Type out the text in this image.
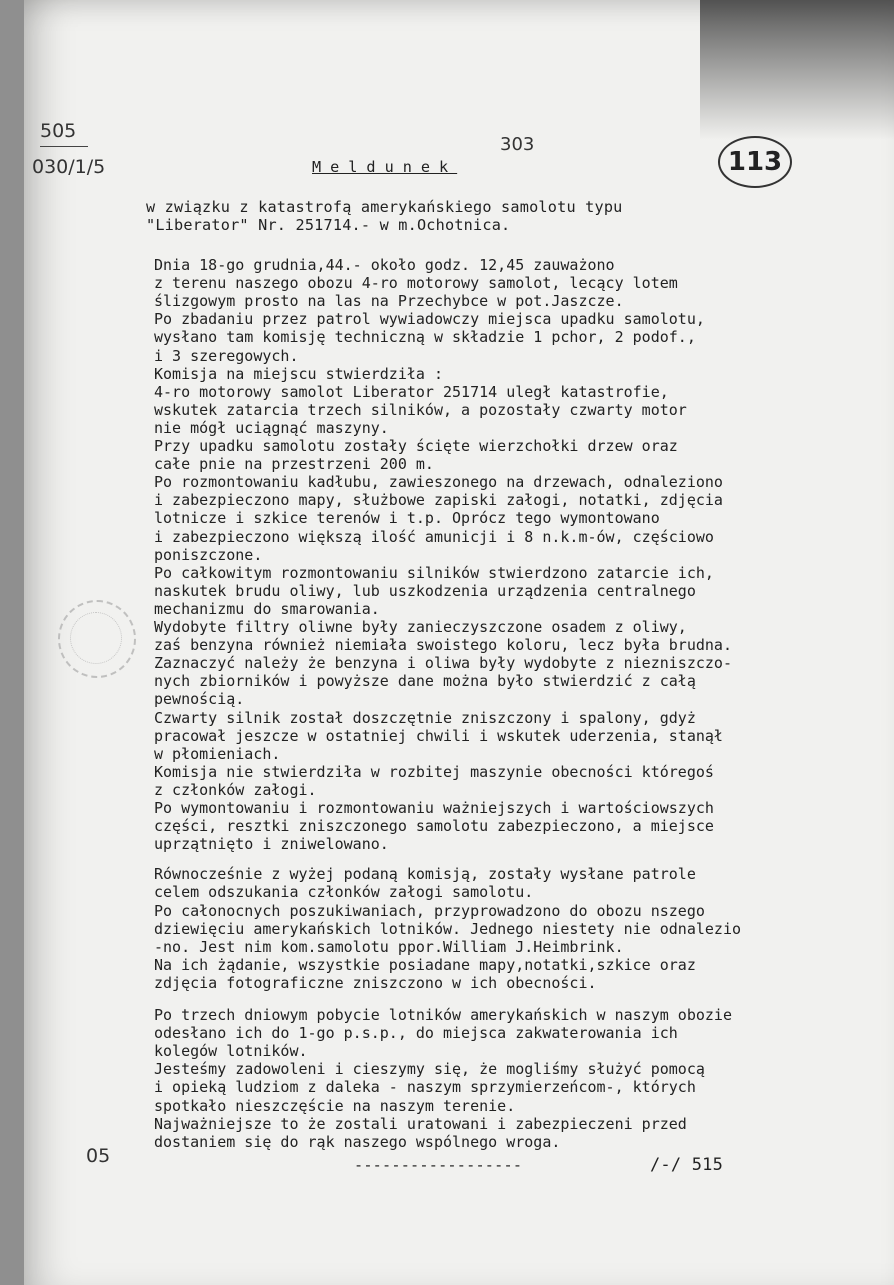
505
030/1/5
05
303
113
Meldunek
w związku z katastrofą amerykańskiego samolotu typu
"Liberator" Nr. 251714.- w m.Ochotnica.
Dnia 18-go grudnia,44.- około godz. 12,45 zauważono
z terenu naszego obozu 4-ro motorowy samolot, lecący lotem
ślizgowym prosto na las na Przechybce w pot.Jaszcze.
Po zbadaniu przez patrol wywiadowczy miejsca upadku samolotu,
wysłano tam komisję techniczną w składzie 1 pchor, 2 podof.,
i 3 szeregowych.
Komisja na miejscu stwierdziła :
4-ro motorowy samolot Liberator 251714 uległ katastrofie,
wskutek zatarcia trzech silników, a pozostały czwarty motor
nie mógł uciągnąć maszyny.
Przy upadku samolotu zostały ścięte wierzchołki drzew oraz
całe pnie na przestrzeni 200 m.
Po rozmontowaniu kadłubu, zawieszonego na drzewach, odnaleziono
i zabezpieczono mapy, służbowe zapiski załogi, notatki, zdjęcia
lotnicze i szkice terenów i t.p. Oprócz tego wymontowano
i zabezpieczono większą ilość amunicji i 8 n.k.m-ów, częściowo
poniszczone.
Po całkowitym rozmontowaniu silników stwierdzono zatarcie ich,
naskutek brudu oliwy, lub uszkodzenia urządzenia centralnego
mechanizmu do smarowania.
Wydobyte filtry oliwne były zanieczyszczone osadem z oliwy,
zaś benzyna również niemiała swoistego koloru, lecz była brudna.
Zaznaczyć należy że benzyna i oliwa były wydobyte z niezniszczo-
nych zbiorników i powyższe dane można było stwierdzić z całą
pewnością.
Czwarty silnik został doszczętnie zniszczony i spalony, gdyż
pracował jeszcze w ostatniej chwili i wskutek uderzenia, stanął
w płomieniach.
Komisja nie stwierdziła w rozbitej maszynie obecności któregoś
z członków załogi.
Po wymontowaniu i rozmontowaniu ważniejszych i wartościowszych
części, resztki zniszczonego samolotu zabezpieczono, a miejsce
uprzątnięto i zniwelowano.
Równocześnie z wyżej podaną komisją, zostały wysłane patrole
celem odszukania członków załogi samolotu.
Po całonocnych poszukiwaniach, przyprowadzono do obozu nszego
dziewięciu amerykańskich lotników. Jednego niestety nie odnalezio
-no. Jest nim kom.samolotu ppor.William J.Heimbrink.
Na ich żądanie, wszystkie posiadane mapy,notatki,szkice oraz
zdjęcia fotograficzne zniszczono w ich obecności.
Po trzech dniowym pobycie lotników amerykańskich w naszym obozie
odesłano ich do 1-go p.s.p., do miejsca zakwaterowania ich
kolegów lotników.
Jesteśmy zadowoleni i cieszymy się, że mogliśmy służyć pomocą
i opieką ludziom z daleka - naszym sprzymierzeńcom-, których
spotkało nieszczęście na naszym terenie.
Najważniejsze to że zostali uratowani i zabezpieczeni przed
dostaniem się do rąk naszego wspólnego wroga.
------------------	/-/ 515
